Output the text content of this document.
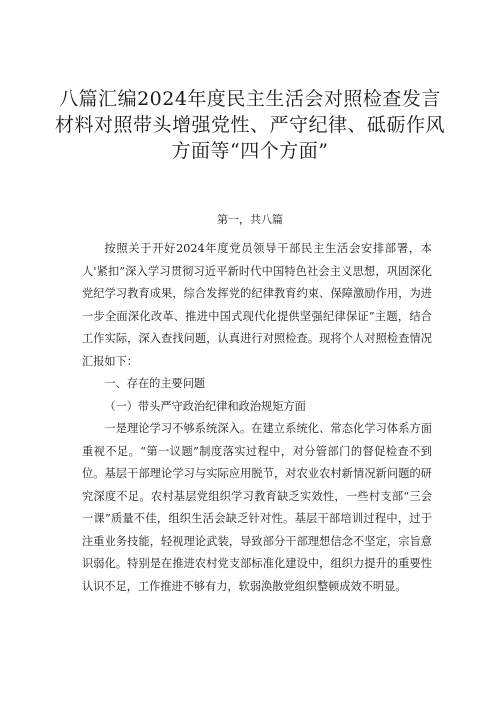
八篇汇编2024年度民主生活会对照检查发言
材料对照带头增强党性、严守纪律、砥砺作风
方面等“四个方面”
第一，共八篇

按照关于开好2024年度党员领导干部民主生活会安排部署，本人'紧扣”深入学习贯彻习近平新时代中国特色社会主义思想，巩固深化党纪学习教育成果，综合发挥党的纪律教育约束、保障激励作用，为进一步全面深化改革、推进中国式现代化提供坚强纪律保证”主题，结合工作实际，深入查找问题，认真进行对照检查。现将个人对照检查情况汇报如下：

一、存在的主要问题

（一）带头严守政治纪律和政治规矩方面

一是理论学习不够系统深入。在建立系统化、常态化学习体系方面重视不足。“第一议题”制度落实过程中，对分管部门的督促检查不到位。基层干部理论学习与实际应用脱节，对农业农村新情况新问题的研究深度不足。农村基层党组织学习教育缺乏实效性，一些村支部“三会一课”质量不佳，组织生活会缺乏针对性。基层干部培训过程中，过于注重业务技能，轻视理论武装，导致部分干部理想信念不坚定，宗旨意识弱化。特别是在推进农村党支部标准化建设中，组织力提升的重要性认识不足，工作推进不够有力，软弱涣散党组织整顿成效不明显。
